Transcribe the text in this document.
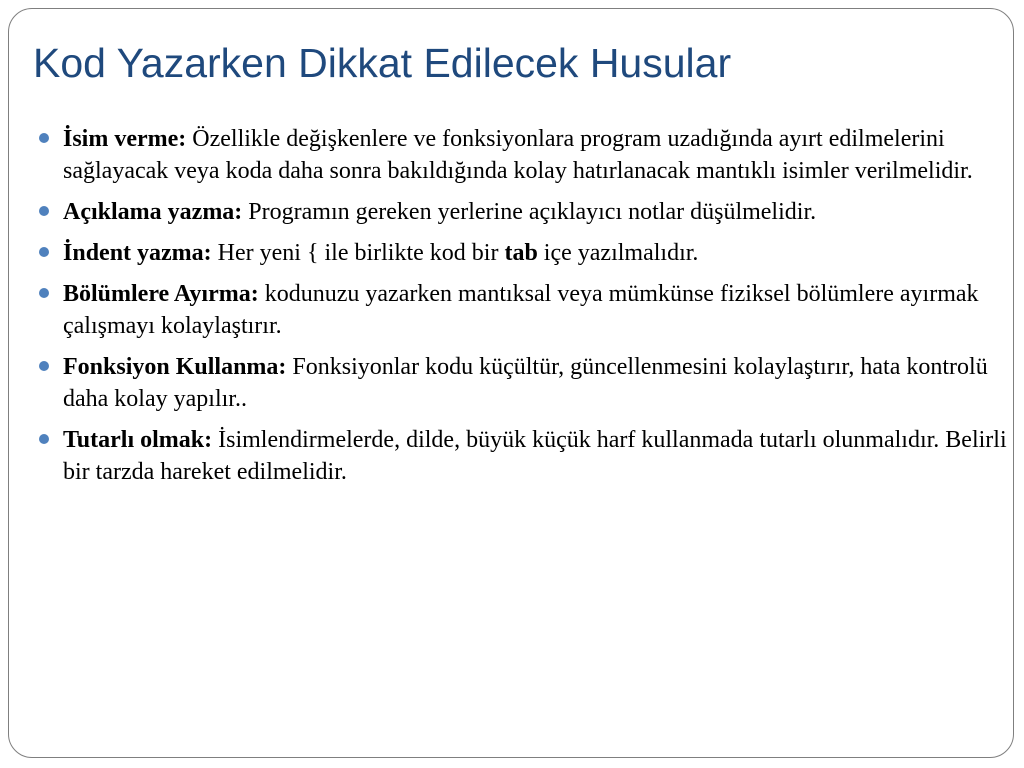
Kod Yazarken Dikkat Edilecek Husular
İsim verme: Özellikle değişkenlere ve fonksiyonlara program uzadığında ayırt edilmelerini sağlayacak veya koda daha sonra bakıldığında kolay hatırlanacak mantıklı isimler verilmelidir.
Açıklama yazma: Programın gereken yerlerine açıklayıcı notlar düşülmelidir.
İndent yazma: Her yeni { ile birlikte kod bir tab içe yazılmalıdır.
Bölümlere Ayırma: kodunuzu yazarken mantıksal veya mümkünse fiziksel bölümlere ayırmak çalışmayı kolaylaştırır.
Fonksiyon Kullanma: Fonksiyonlar kodu küçültür, güncellenmesini kolaylaştırır, hata kontrolü daha kolay yapılır..
Tutarlı olmak: İsimlendirmelerde, dilde, büyük küçük harf kullanmada tutarlı olunmalıdır. Belirli bir tarzda hareket edilmelidir.
